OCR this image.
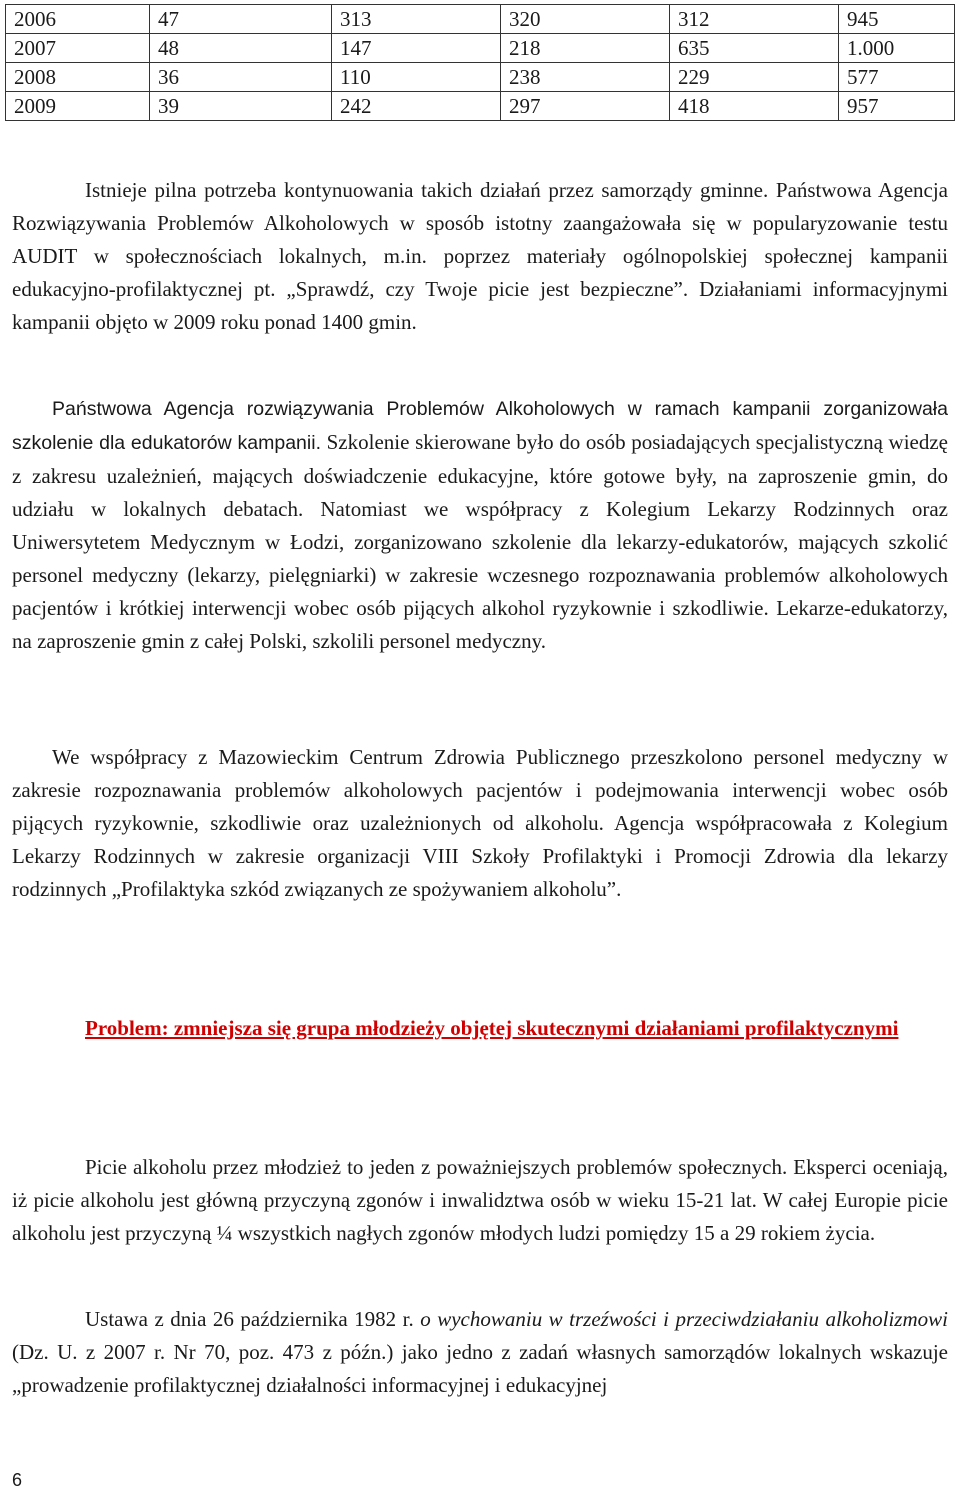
2006	47	313	320	312	945
2007	48	147	218	635	1.000
2008	36	110	238	229	577
2009	39	242	297	418	957
Istnieje pilna potrzeba kontynuowania takich działań przez samorządy gminne. Państwowa Agencja Rozwiązywania Problemów Alkoholowych w sposób istotny zaangażowała się w popularyzowanie testu AUDIT w społecznościach lokalnych, m.in. poprzez materiały ogólnopolskiej społecznej kampanii edukacyjno-profilaktycznej pt. „Sprawdź, czy Twoje picie jest bezpieczne”. Działaniami informacyjnymi kampanii objęto w 2009 roku ponad 1400 gmin.
Państwowa Agencja rozwiązywania Problemów Alkoholowych w ramach kampanii zorganizowała szkolenie dla edukatorów kampanii. Szkolenie skierowane było do osób posiadających specjalistyczną wiedzę z zakresu uzależnień, mających doświadczenie edukacyjne, które gotowe były, na zaproszenie gmin, do udziału w lokalnych debatach. Natomiast we współpracy z Kolegium Lekarzy Rodzinnych oraz Uniwersytetem Medycznym w Łodzi, zorganizowano szkolenie dla lekarzy-edukatorów, mających szkolić personel medyczny (lekarzy, pielęgniarki) w zakresie wczesnego rozpoznawania problemów alkoholowych pacjentów i krótkiej interwencji wobec osób pijących alkohol ryzykownie i szkodliwie. Lekarze-edukatorzy, na zaproszenie gmin z całej Polski, szkolili personel medyczny.
We współpracy z Mazowieckim Centrum Zdrowia Publicznego przeszkolono personel medyczny w zakresie rozpoznawania problemów alkoholowych pacjentów i podejmowania interwencji wobec osób pijących ryzykownie, szkodliwie oraz uzależnionych od alkoholu. Agencja współpracowała z Kolegium Lekarzy Rodzinnych w zakresie organizacji VIII Szkoły Profilaktyki i Promocji Zdrowia dla lekarzy rodzinnych „Profilaktyka szkód związanych ze spożywaniem alkoholu”.
Problem: zmniejsza się grupa młodzieży objętej skutecznymi działaniami profilaktycznymi
Picie alkoholu przez młodzież to jeden z poważniejszych problemów społecznych. Eksperci oceniają, iż picie alkoholu jest główną przyczyną zgonów i inwalidztwa osób w wieku 15-21 lat. W całej Europie picie alkoholu jest przyczyną ¼ wszystkich nagłych zgonów młodych ludzi pomiędzy 15 a 29 rokiem życia.
Ustawa z dnia 26 października 1982 r. o wychowaniu w trzeźwości i przeciwdziałaniu alkoholizmowi (Dz. U. z 2007 r. Nr 70, poz. 473 z późn.) jako jedno z zadań własnych samorządów lokalnych wskazuje „prowadzenie profilaktycznej działalności informacyjnej i edukacyjnej
6
